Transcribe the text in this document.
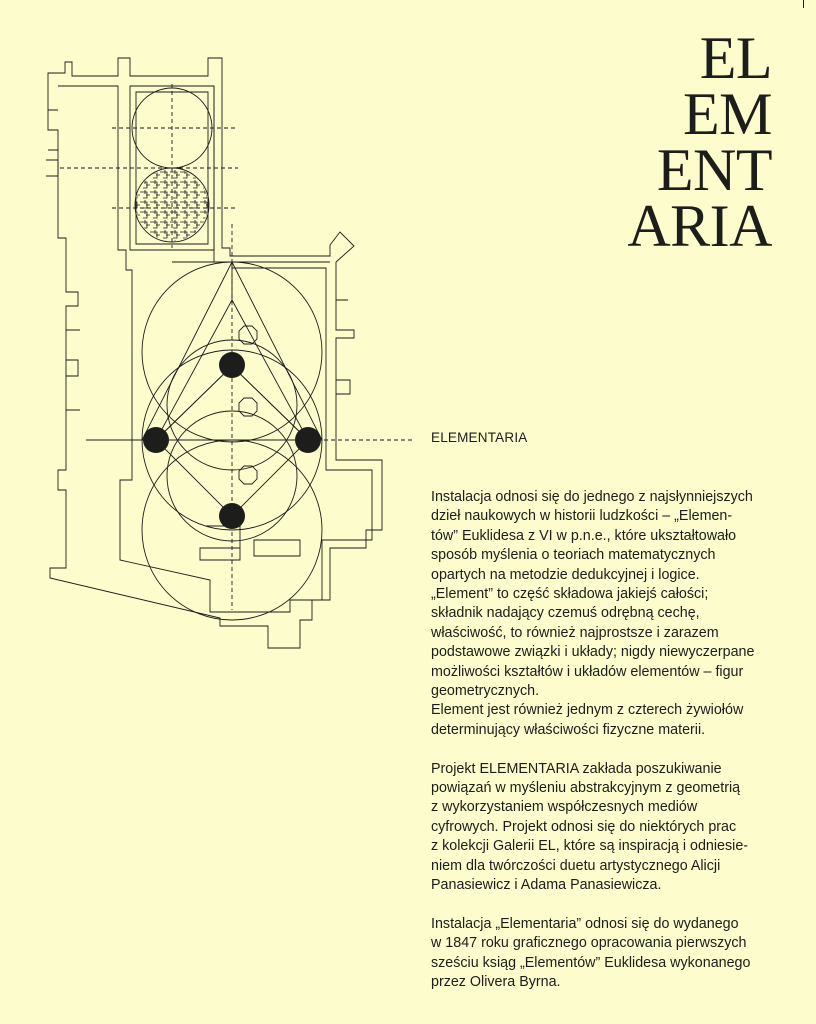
EL
EM
ENT
ARIA
ELEMENTARIA

Instalacja odnosi się do jednego z najsłynniejszych
dzieł naukowych w historii ludzkości – „Elemen-
tów” Euklidesa z VI w p.n.e., które ukształtowało
sposób myślenia o teoriach matematycznych
opartych na metodzie dedukcyjnej i logice.
„Element” to część składowa jakiejś całości;
składnik nadający czemuś odrębną cechę,
właściwość, to również najprostsze i zarazem
podstawowe związki i układy; nigdy niewyczerpane
możliwości kształtów i układów elementów – figur
geometrycznych.
Element jest również jednym z czterech żywiołów
determinujący właściwości fizyczne materii.

Projekt ELEMENTARIA zakłada poszukiwanie
powiązań w myśleniu abstrakcyjnym z geometrią
z wykorzystaniem współczesnych mediów
cyfrowych. Projekt odnosi się do niektórych prac
z kolekcji Galerii EL, które są inspiracją i odniesie-
niem dla twórczości duetu artystycznego Alicji
Panasiewicz i Adama Panasiewicza.

Instalacja „Elementaria” odnosi się do wydanego
w 1847 roku graficznego opracowania pierwszych
sześciu ksiąg „Elementów” Euklidesa wykonanego
przez Olivera Byrna.
